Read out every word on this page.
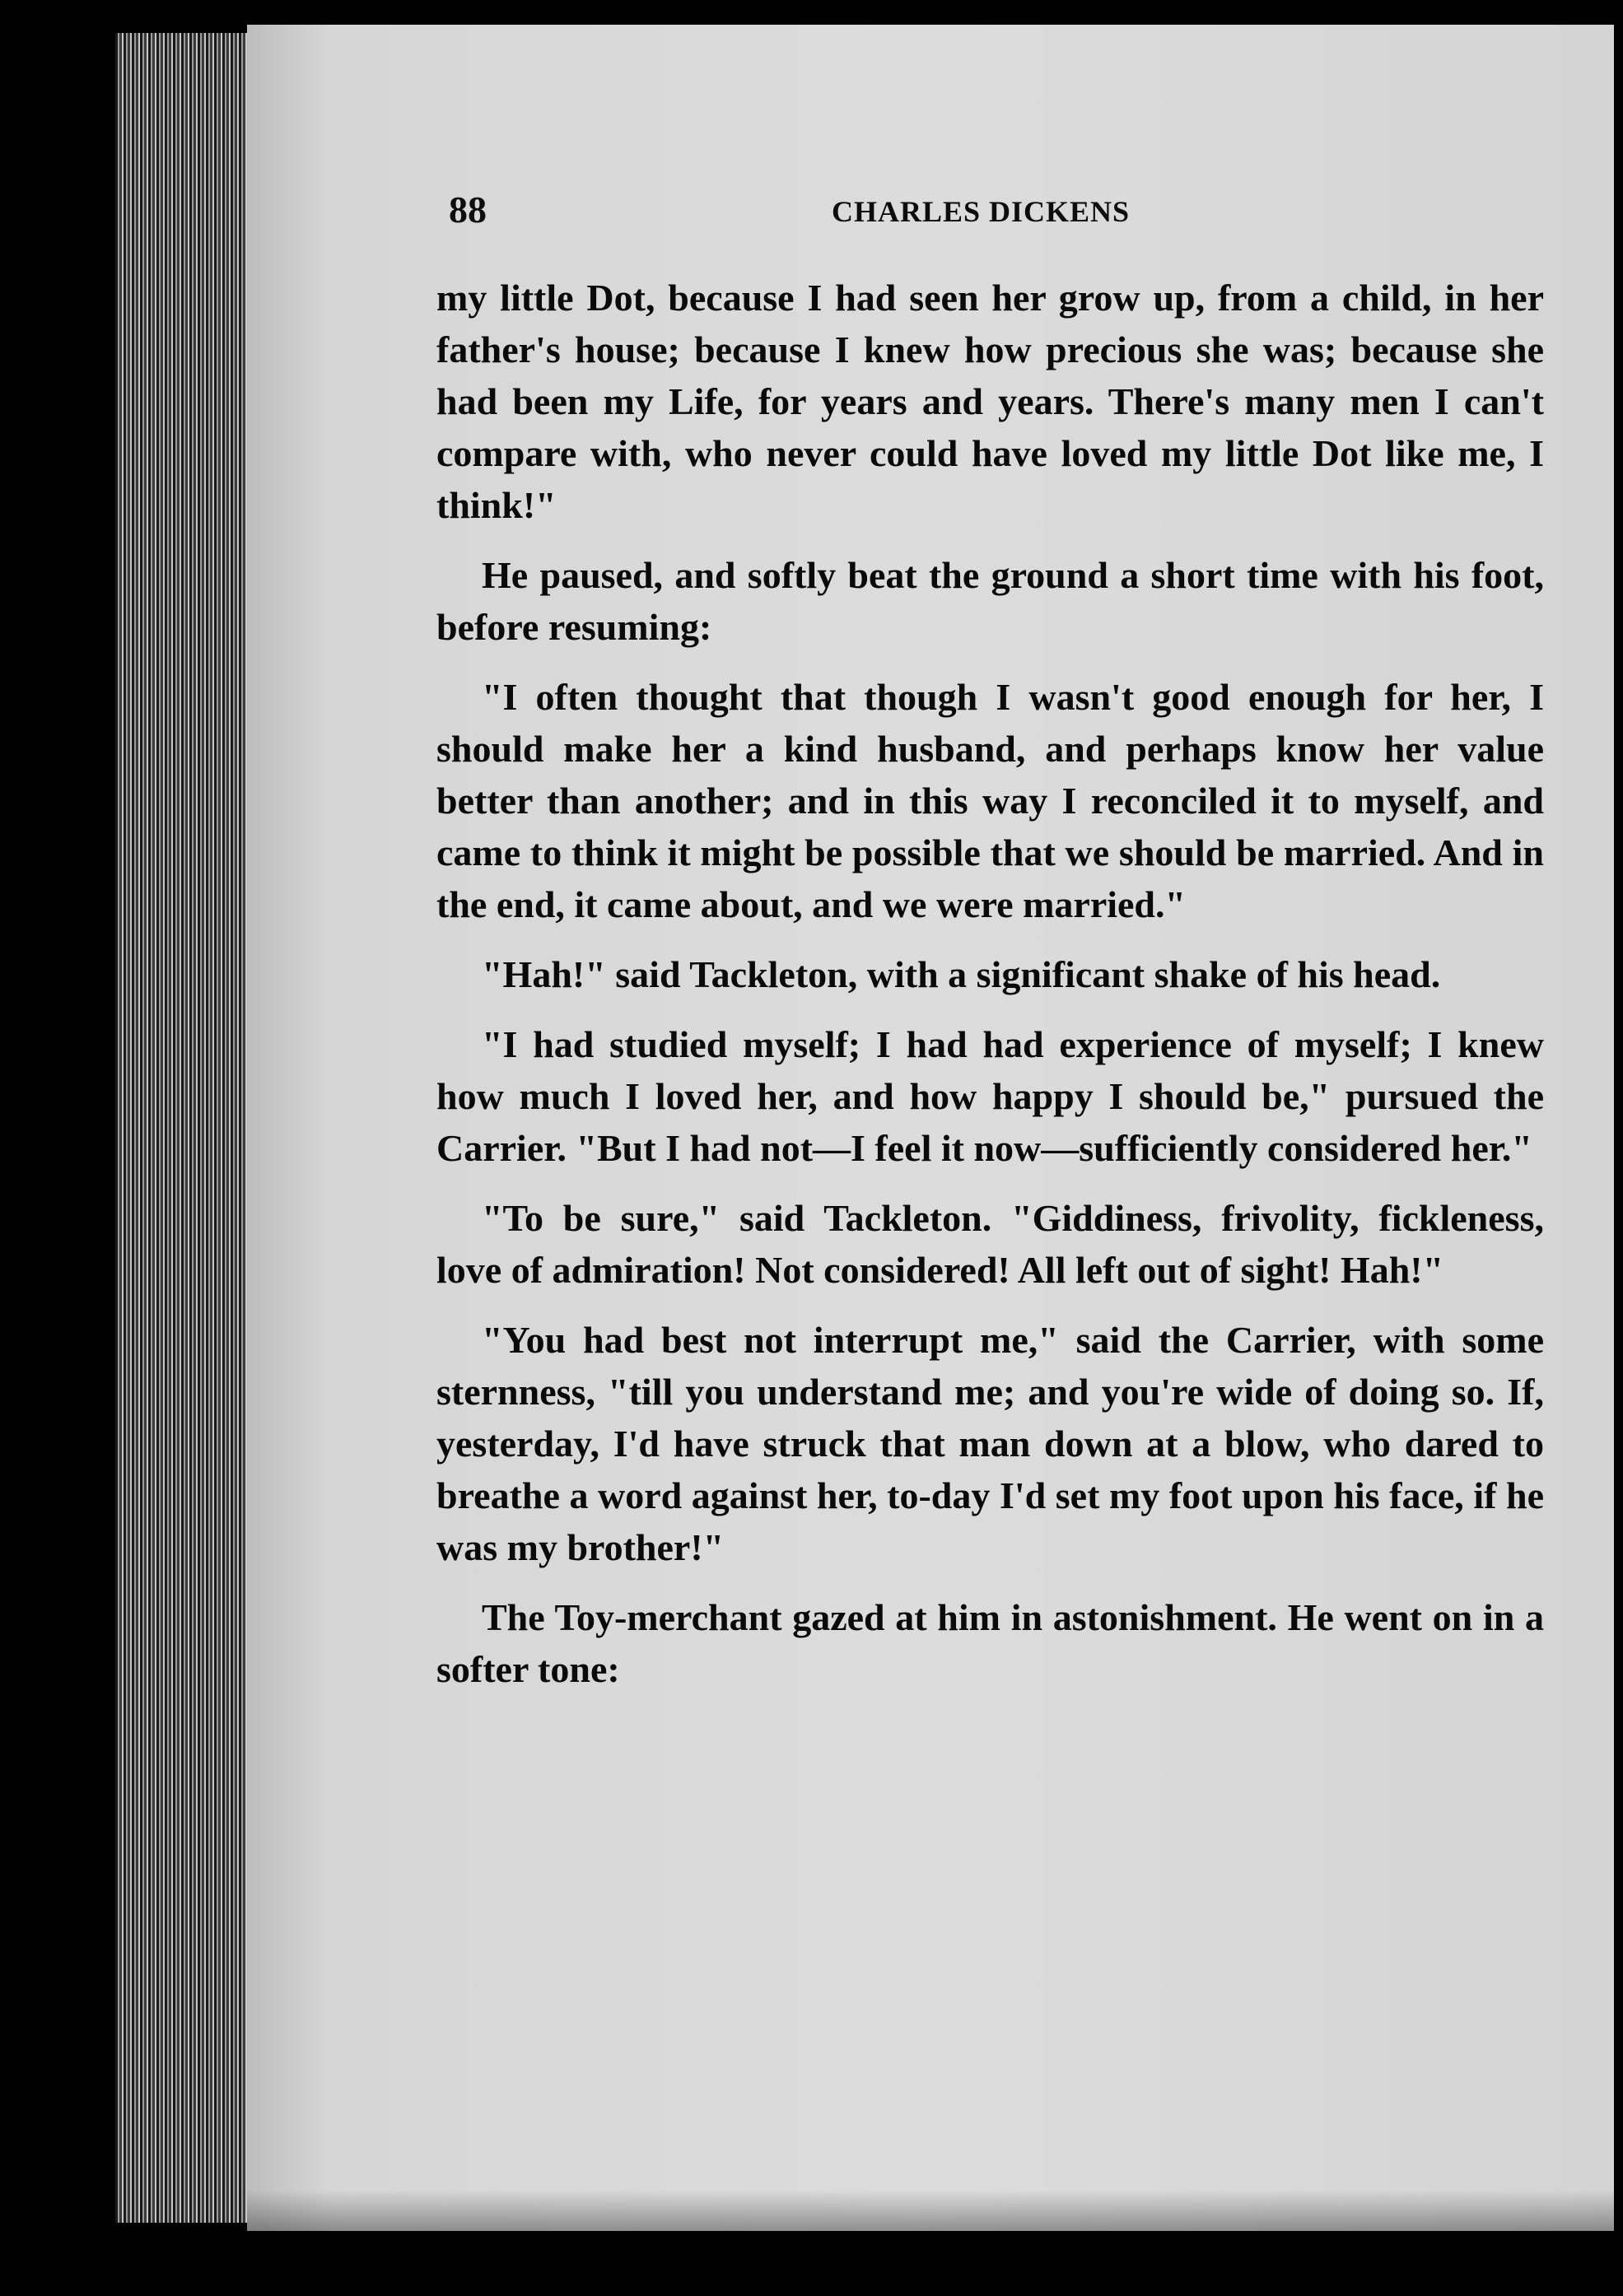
88	CHARLES DICKENS

my little Dot, because I had seen her grow up, from a child, in her father's house; because I knew how precious she was; because she had been my Life, for years and years. There's many men I can't compare with, who never could have loved my little Dot like me, I think!"

He paused, and softly beat the ground a short time with his foot, before resuming:

"I often thought that though I wasn't good enough for her, I should make her a kind husband, and perhaps know her value better than another; and in this way I reconciled it to myself, and came to think it might be possible that we should be married. And in the end, it came about, and we were married."

"Hah!" said Tackleton, with a significant shake of his head.

"I had studied myself; I had had experience of myself; I knew how much I loved her, and how happy I should be," pursued the Carrier. "But I had not—I feel it now—sufficiently considered her."

"To be sure," said Tackleton. "Giddiness, frivolity, fickleness, love of admiration! Not considered! All left out of sight! Hah!"

"You had best not interrupt me," said the Carrier, with some sternness, "till you understand me; and you're wide of doing so. If, yesterday, I'd have struck that man down at a blow, who dared to breathe a word against her, to-day I'd set my foot upon his face, if he was my brother!"

The Toy-merchant gazed at him in astonishment. He went on in a softer tone:
